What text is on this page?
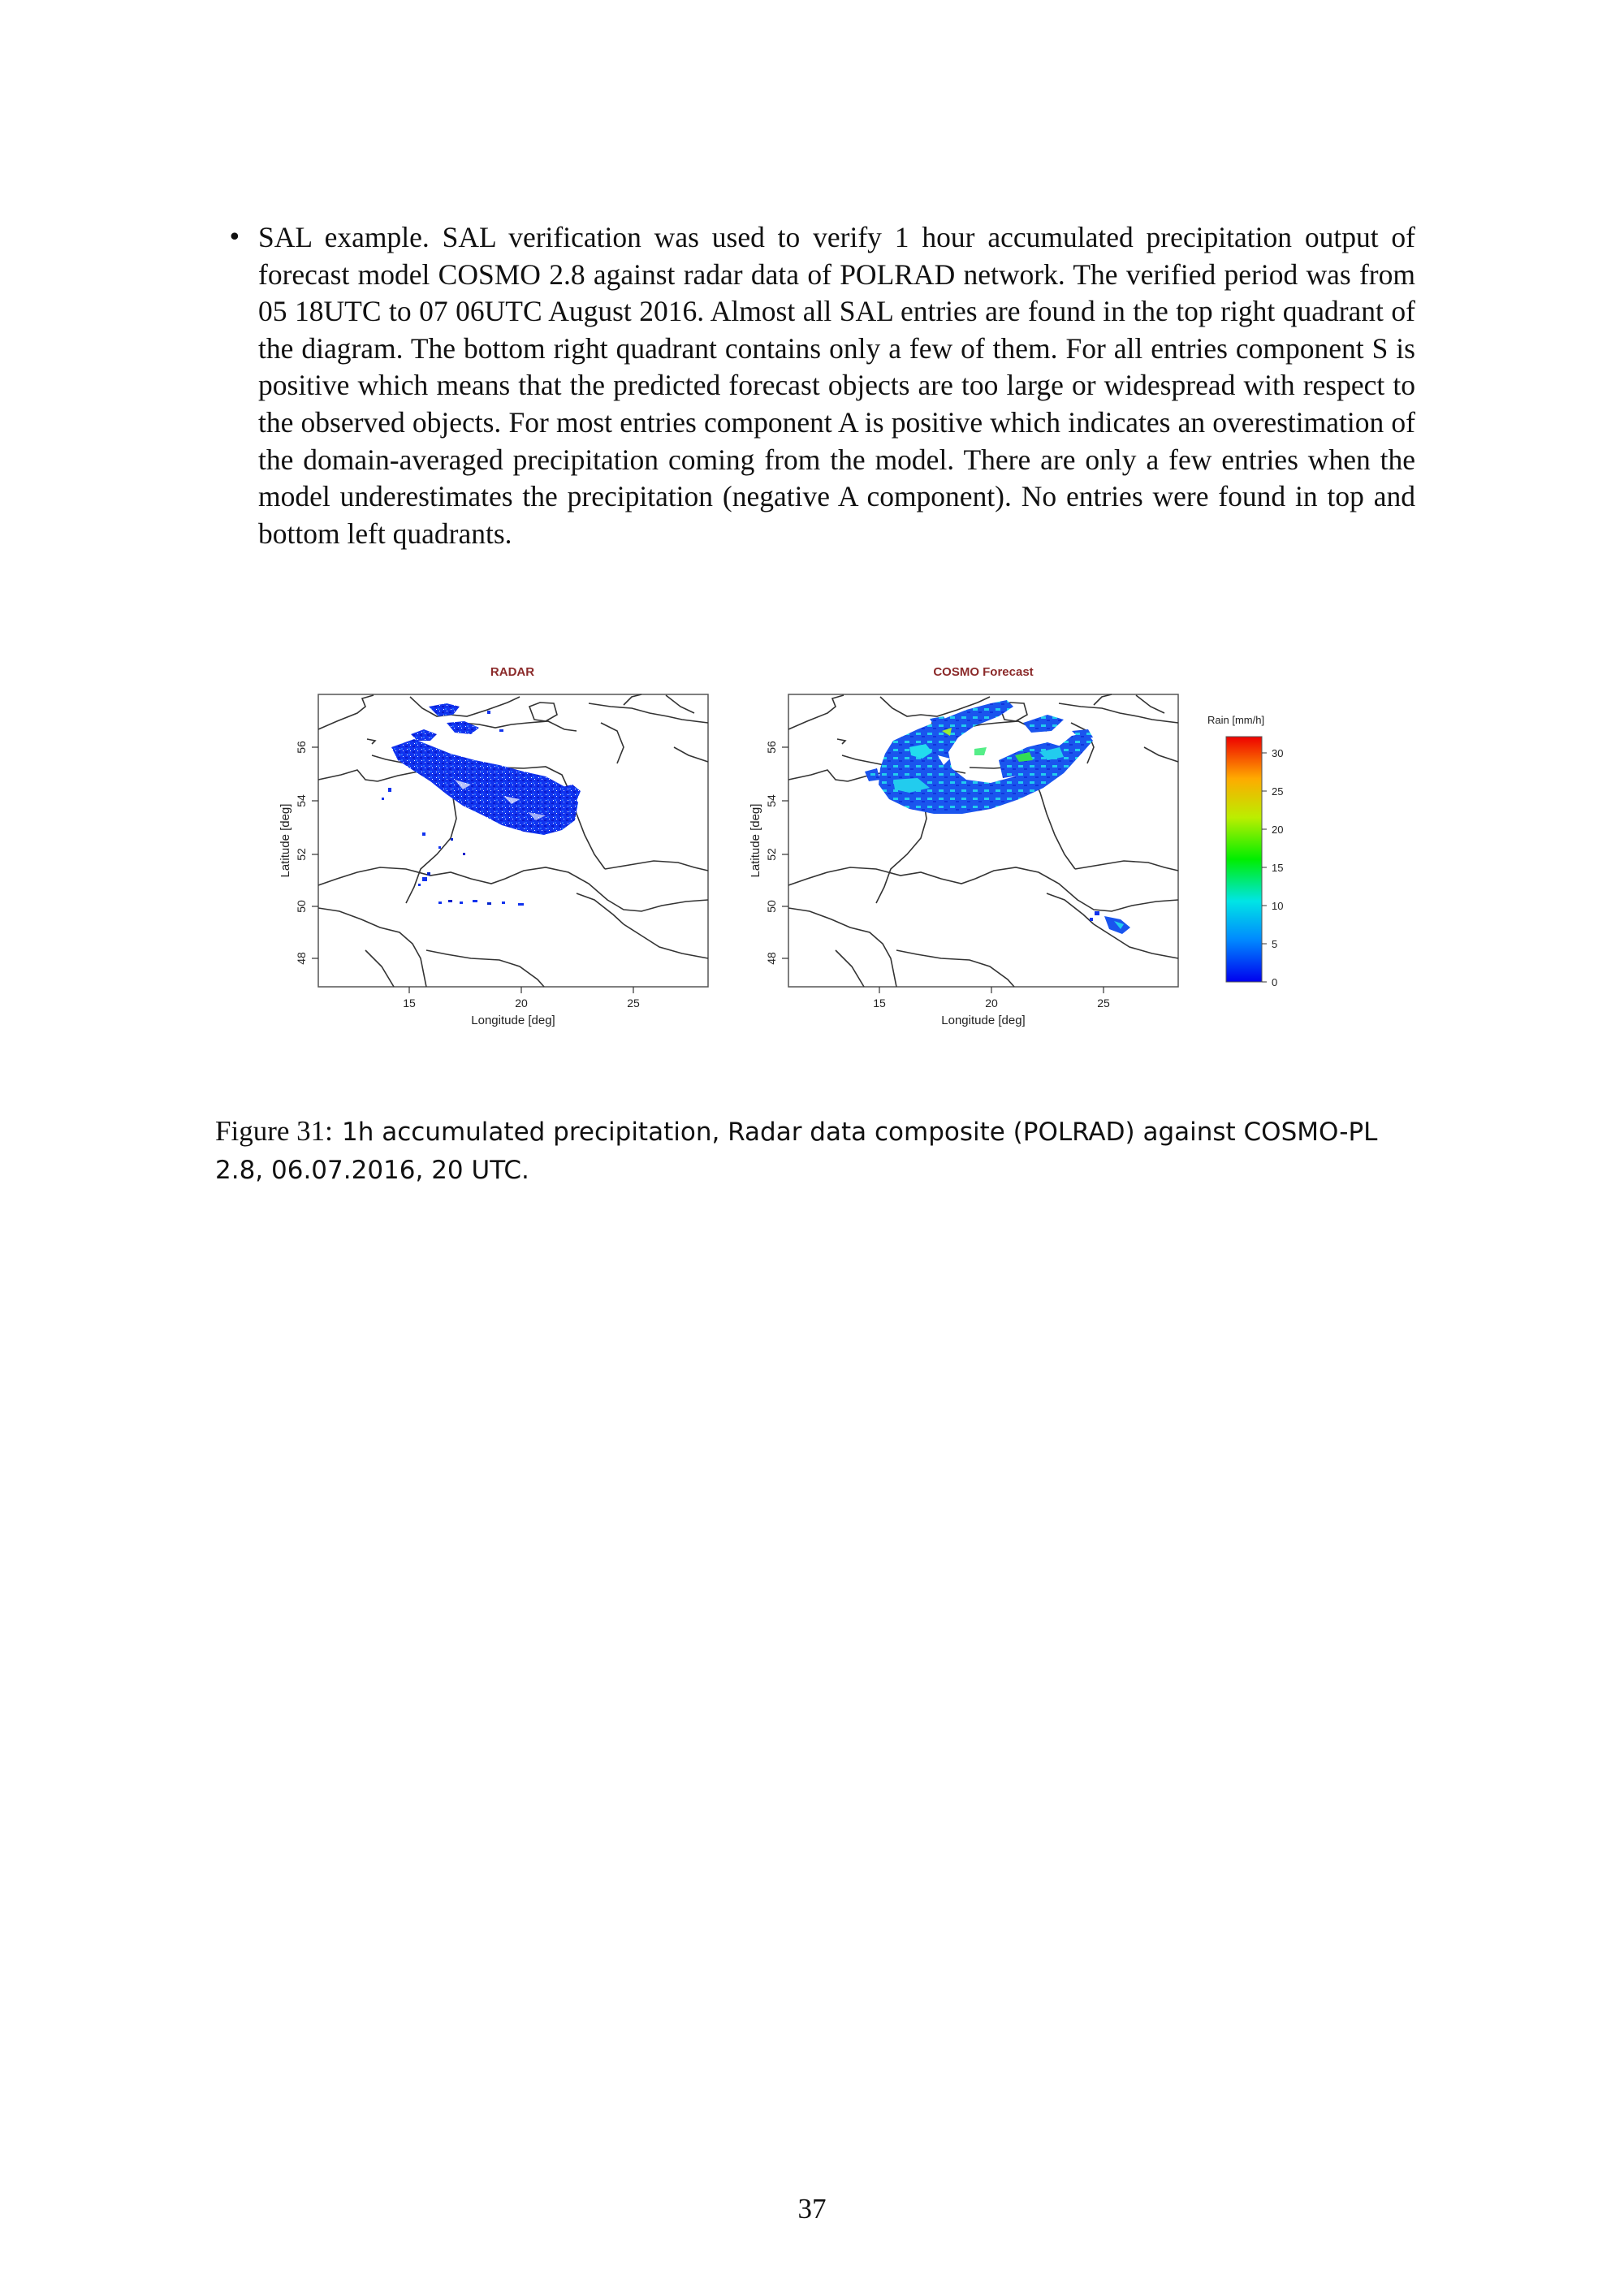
• SAL example. SAL verification was used to verify 1 hour accumulated precipitation output of forecast model COSMO 2.8 against radar data of POLRAD network. The verified period was from 05 18UTC to 07 06UTC August 2016. Almost all SAL entries are found in the top right quadrant of the diagram. The bottom right quadrant contains only a few of them. For all entries component S is positive which means that the predicted forecast objects are too large or widespread with respect to the observed objects. For most entries component A is positive which indicates an overestimation of the domain-averaged precipitation coming from the model. There are only a few entries when the model underestimates the precipitation (negative A component). No entries were found in top and bottom left quadrants.

RADAR
48
50
52
54
56
Latitude [deg]
15	20	25
Longitude [deg]
COSMO Forecast
48
50
52
54
56
Latitude [deg]
15	20	25
Longitude [deg]
Rain [mm/h]
0
5
10
15
20
25
30

Figure 31: 1h accumulated precipitation, Radar data composite (POLRAD) against COSMO-PL 2.8, 06.07.2016, 20 UTC.

37
